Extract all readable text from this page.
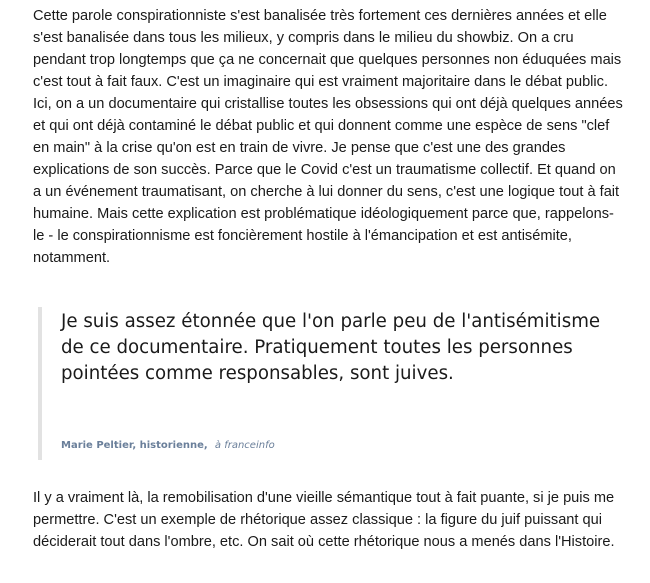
Cette parole conspirationniste s'est banalisée très fortement ces dernières années et elle s'est banalisée dans tous les milieux, y compris dans le milieu du showbiz. On a cru pendant trop longtemps que ça ne concernait que quelques personnes non éduquées mais c'est tout à fait faux. C'est un imaginaire qui est vraiment majoritaire dans le débat public. Ici, on a un documentaire qui cristallise toutes les obsessions qui ont déjà quelques années et qui ont déjà contaminé le débat public et qui donnent comme une espèce de sens "clef en main" à la crise qu'on est en train de vivre. Je pense que c'est une des grandes explications de son succès. Parce que le Covid c'est un traumatisme collectif. Et quand on a un événement traumatisant, on cherche à lui donner du sens, c'est une logique tout à fait humaine. Mais cette explication est problématique idéologiquement parce que, rappelons-le - le conspirationnisme est foncièrement hostile à l'émancipation et est antisémite, notamment.

Je suis assez étonnée que l'on parle peu de l'antisémitisme de ce documentaire. Pratiquement toutes les personnes pointées comme responsables, sont juives.

Marie Peltier, historienne, à franceinfo

Il y a vraiment là, la remobilisation d'une vieille sémantique tout à fait puante, si je puis me permettre. C'est un exemple de rhétorique assez classique : la figure du juif puissant qui déciderait tout dans l'ombre, etc. On sait où cette rhétorique nous a menés dans l'Histoire.
